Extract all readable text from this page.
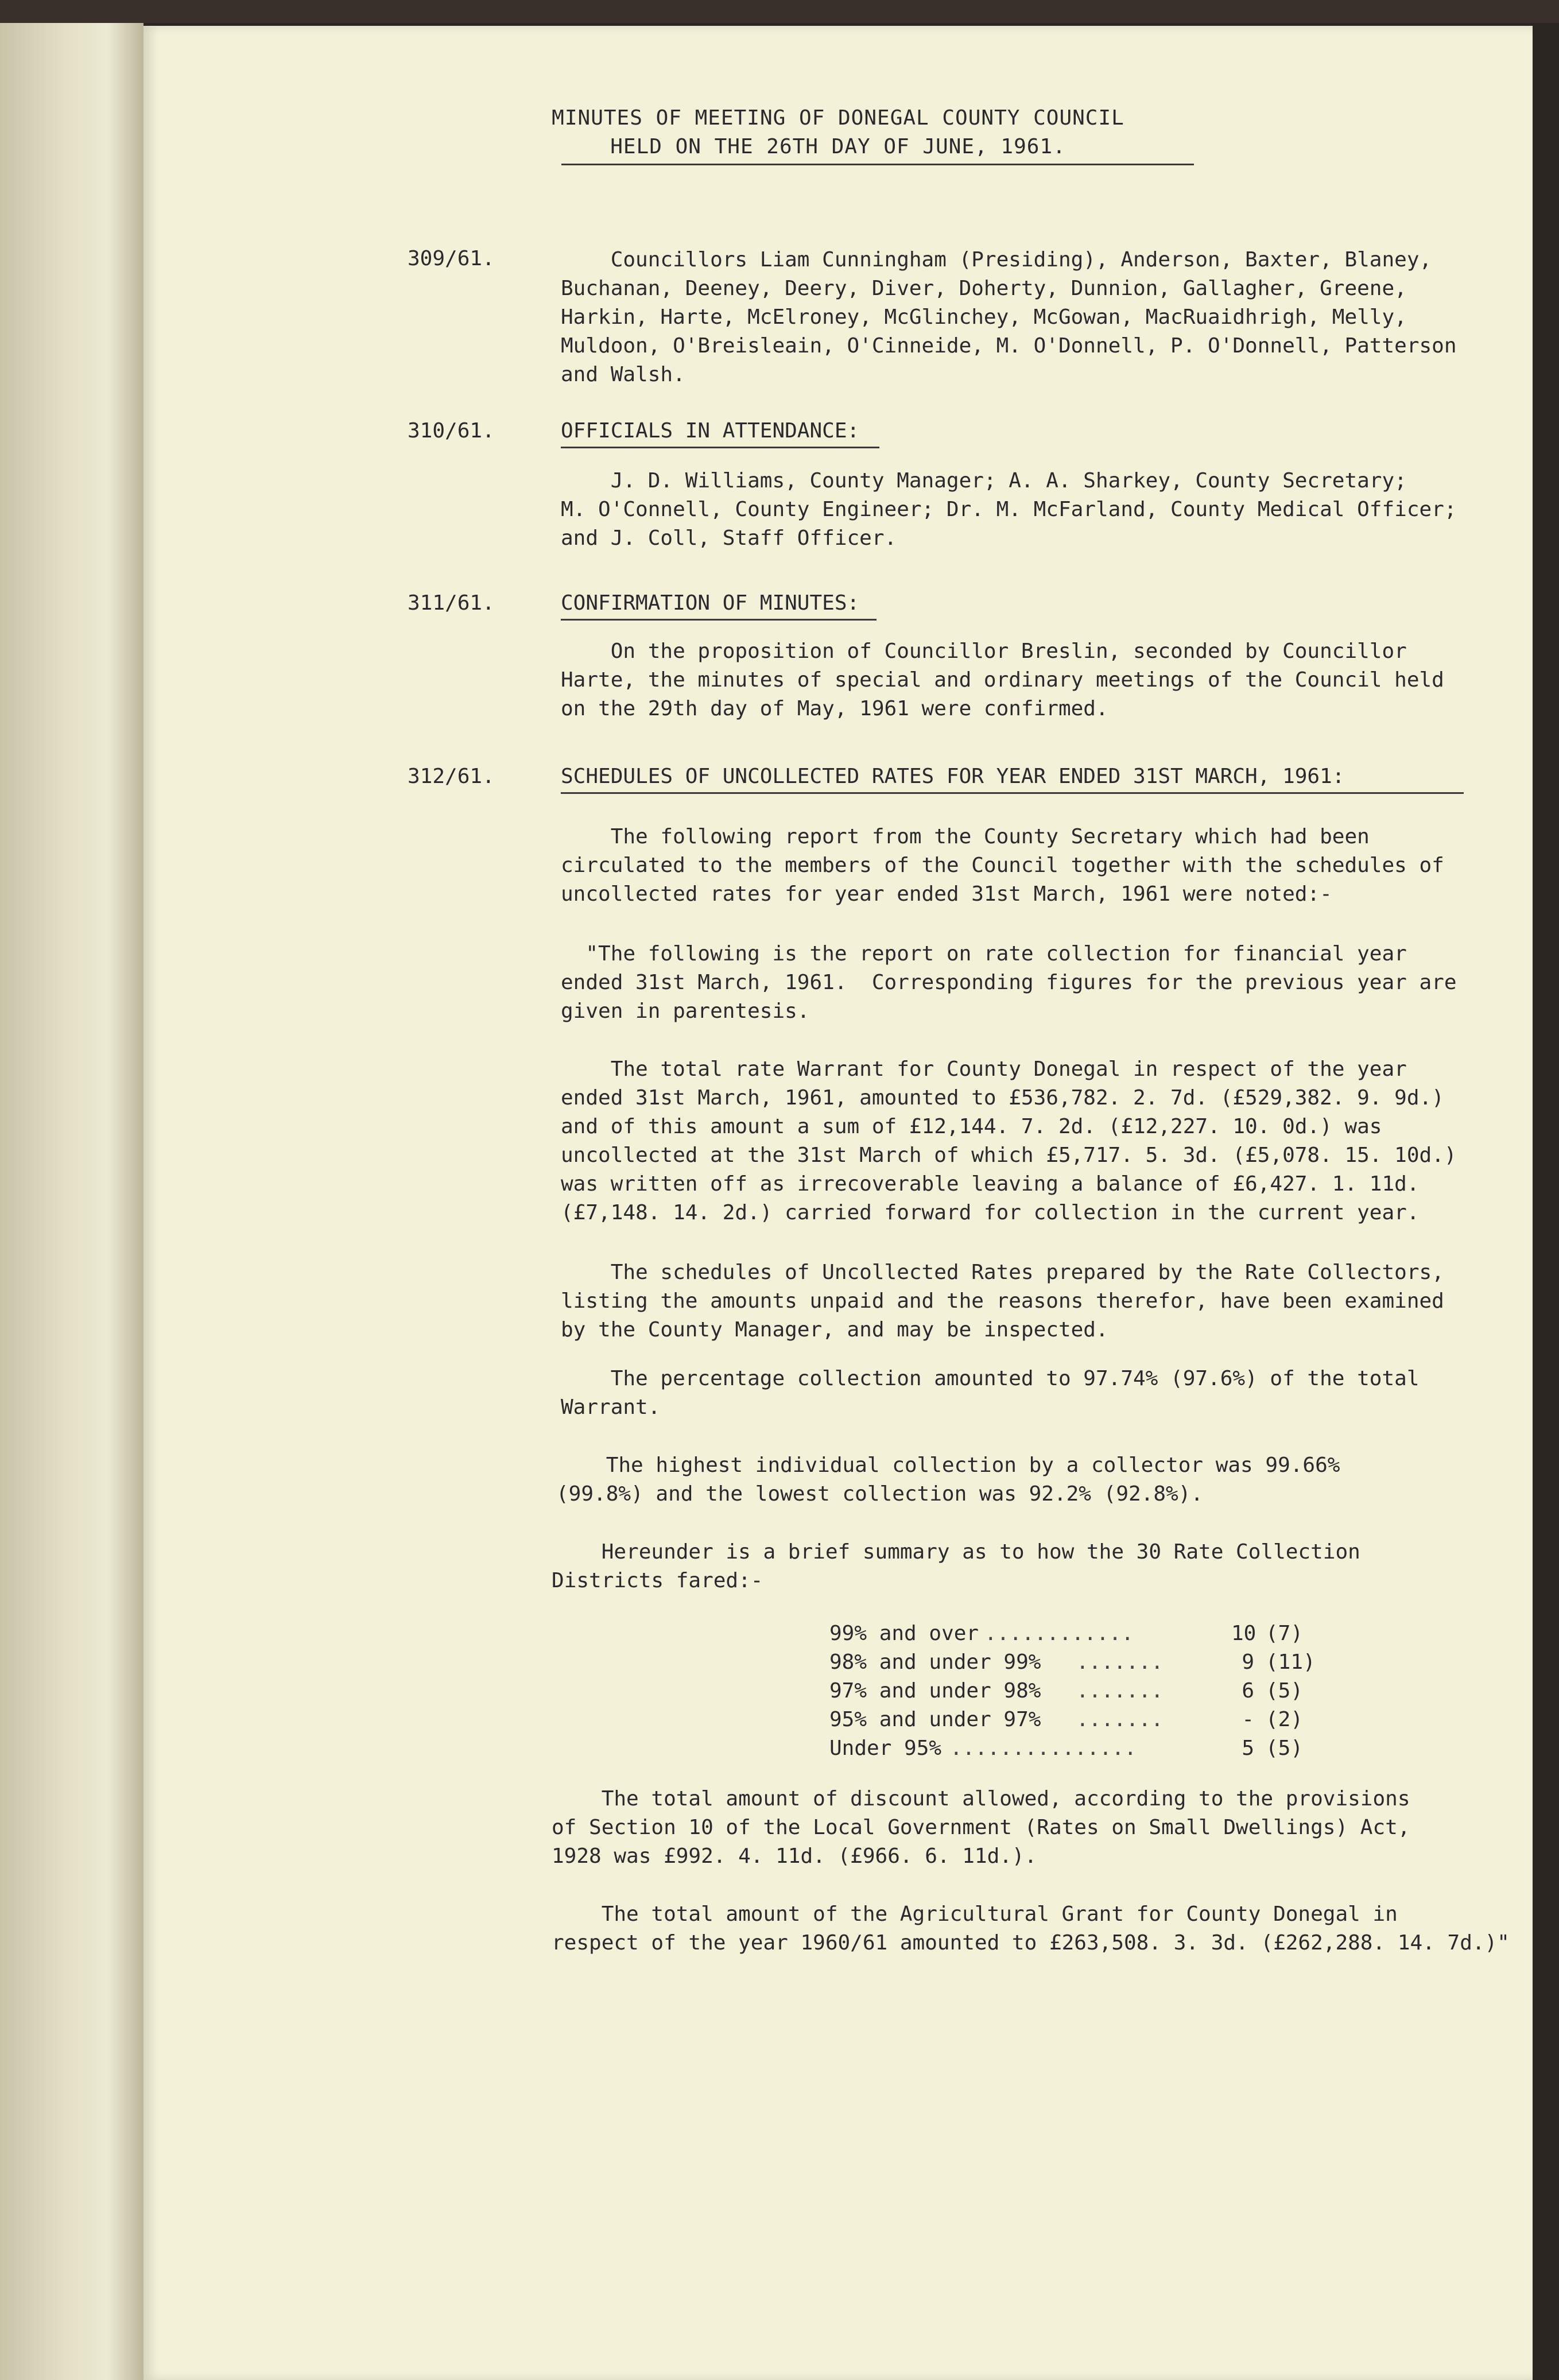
MINUTES OF MEETING OF DONEGAL COUNTY COUNCIL
HELD ON THE 26TH DAY OF JUNE, 1961.
309/61.	Councillors Liam Cunningham (Presiding), Anderson, Baxter, Blaney,
Buchanan, Deeney, Deery, Diver, Doherty, Dunnion, Gallagher, Greene,
Harkin, Harte, McElroney, McGlinchey, McGowan, MacRuaidhrigh, Melly,
Muldoon, O'Breisleain, O'Cinneide, M. O'Donnell, P. O'Donnell, Patterson
and Walsh.
310/61.	OFFICIALS IN ATTENDANCE:
J. D. Williams, County Manager; A. A. Sharkey, County Secretary;
M. O'Connell, County Engineer; Dr. M. McFarland, County Medical Officer;
and J. Coll, Staff Officer.
311/61.	CONFIRMATION OF MINUTES:
On the proposition of Councillor Breslin, seconded by Councillor
Harte, the minutes of special and ordinary meetings of the Council held
on the 29th day of May, 1961 were confirmed.
312/61.	SCHEDULES OF UNCOLLECTED RATES FOR YEAR ENDED 31ST MARCH, 1961:
The following report from the County Secretary which had been
circulated to the members of the Council together with the schedules of
uncollected rates for year ended 31st March, 1961 were noted:-
"The following is the report on rate collection for financial year
ended 31st March, 1961.  Corresponding figures for the previous year are
given in parentesis.
The total rate Warrant for County Donegal in respect of the year
ended 31st March, 1961, amounted to £536,782. 2. 7d. (£529,382. 9. 9d.)
and of this amount a sum of £12,144. 7. 2d. (£12,227. 10. 0d.) was
uncollected at the 31st March of which £5,717. 5. 3d. (£5,078. 15. 10d.)
was written off as irrecoverable leaving a balance of £6,427. 1. 11d.
(£7,148. 14. 2d.) carried forward for collection in the current year.
The schedules of Uncollected Rates prepared by the Rate Collectors,
listing the amounts unpaid and the reasons therefor, have been examined
by the County Manager, and may be inspected.
The percentage collection amounted to 97.74% (97.6%) of the total
Warrant.
The highest individual collection by a collector was 99.66%
(99.8%) and the lowest collection was 92.2% (92.8%).
Hereunder is a brief summary as to how the 30 Rate Collection
Districts fared:-
99% and over ............	10 (7)
98% and under 99% .......	9 (11)
97% and under 98% .......	6 (5)
95% and under 97% .......	- (2)
Under 95% ...............	5 (5)
The total amount of discount allowed, according to the provisions
of Section 10 of the Local Government (Rates on Small Dwellings) Act,
1928 was £992. 4. 11d. (£966. 6. 11d.).
The total amount of the Agricultural Grant for County Donegal in
respect of the year 1960/61 amounted to £263,508. 3. 3d. (£262,288. 14. 7d.)"
